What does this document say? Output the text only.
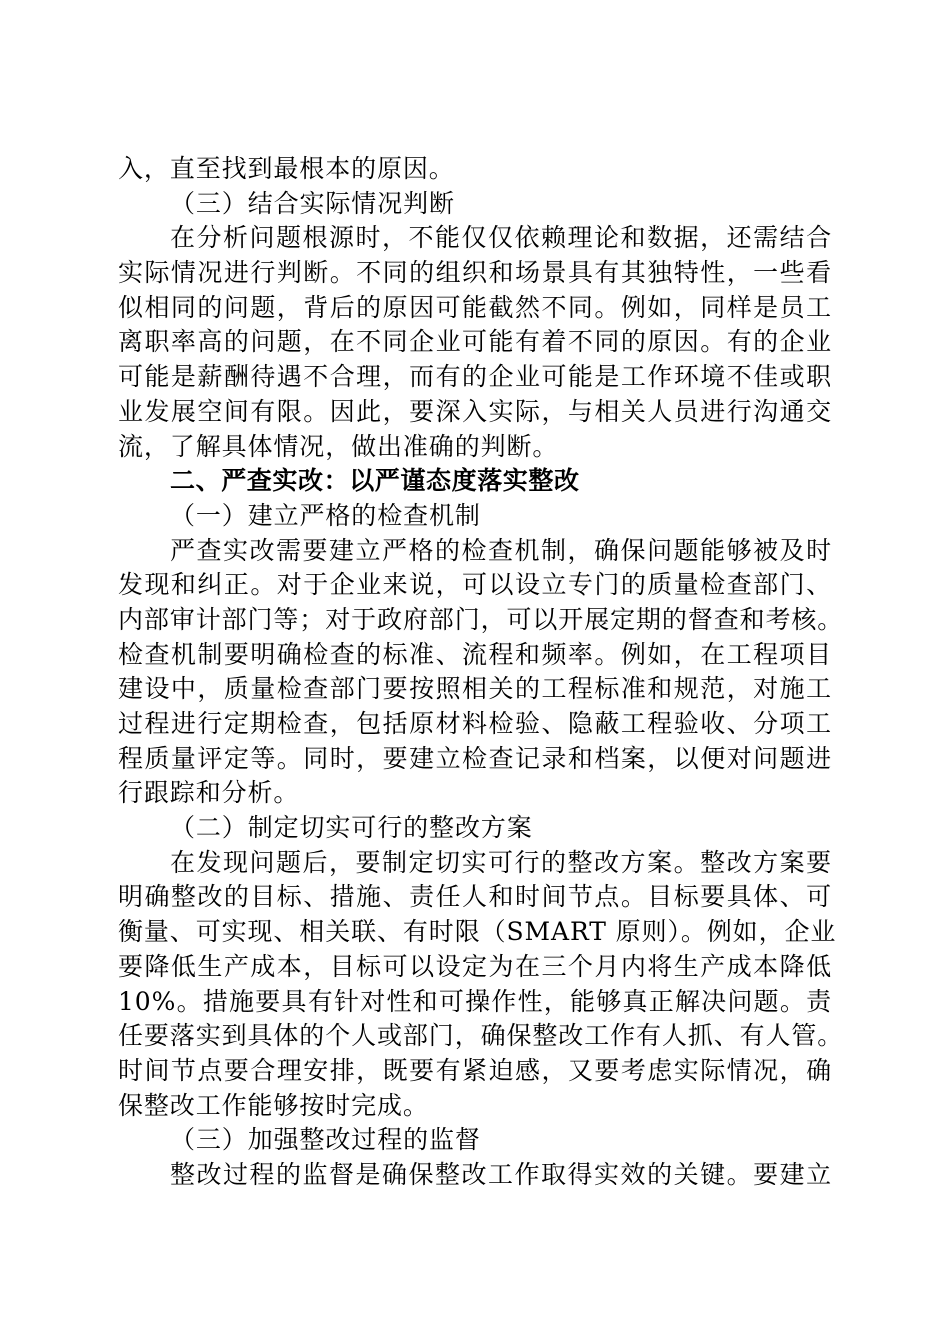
入，直至找到最根本的原因。
（三）结合实际情况判断
在分析问题根源时，不能仅仅依赖理论和数据，还需结合
实际情况进行判断。不同的组织和场景具有其独特性，一些看
似相同的问题，背后的原因可能截然不同。例如，同样是员工
离职率高的问题，在不同企业可能有着不同的原因。有的企业
可能是薪酬待遇不合理，而有的企业可能是工作环境不佳或职
业发展空间有限。因此，要深入实际，与相关人员进行沟通交
流，了解具体情况，做出准确的判断。
二、严查实改：以严谨态度落实整改
（一）建立严格的检查机制
严查实改需要建立严格的检查机制，确保问题能够被及时
发现和纠正。对于企业来说，可以设立专门的质量检查部门、
内部审计部门等；对于政府部门，可以开展定期的督查和考核。
检查机制要明确检查的标准、流程和频率。例如，在工程项目
建设中，质量检查部门要按照相关的工程标准和规范，对施工
过程进行定期检查，包括原材料检验、隐蔽工程验收、分项工
程质量评定等。同时，要建立检查记录和档案，以便对问题进
行跟踪和分析。
（二）制定切实可行的整改方案
在发现问题后，要制定切实可行的整改方案。整改方案要
明确整改的目标、措施、责任人和时间节点。目标要具体、可
衡量、可实现、相关联、有时限（SMART 原则）。例如，企业
要降低生产成本，目标可以设定为在三个月内将生产成本降低
10%。措施要具有针对性和可操作性，能够真正解决问题。责
任要落实到具体的个人或部门，确保整改工作有人抓、有人管。
时间节点要合理安排，既要有紧迫感，又要考虑实际情况，确
保整改工作能够按时完成。
（三）加强整改过程的监督
整改过程的监督是确保整改工作取得实效的关键。要建立
